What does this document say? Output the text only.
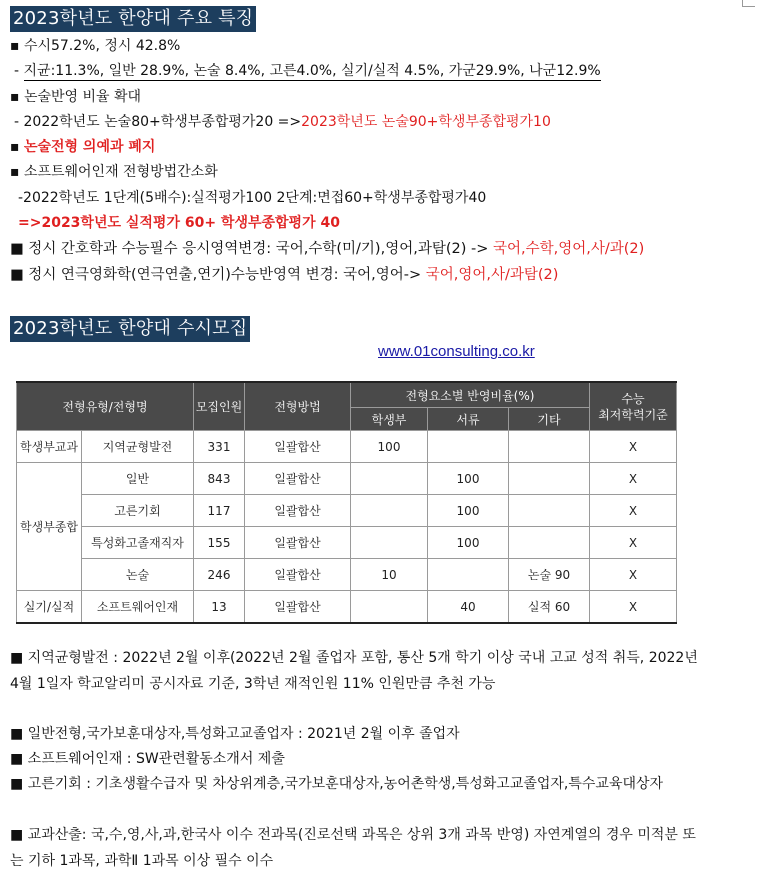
2023학년도 한양대 주요 특징
▪ 수시57.2%, 정시 42.8%
- 지균:11.3%, 일반 28.9%, 논술 8.4%, 고른4.0%, 실기/실적 4.5%, 가군29.9%, 나군12.9%
▪ 논술반영 비율 확대
- 2022학년도 논술80+학생부종합평가20 =>2023학년도 논술90+학생부종합평가10
▪ 논술전형 의예과 폐지
▪ 소프트웨어인재 전형방법간소화
-2022학년도 1단계(5배수):실적평가100 2단계:면접60+학생부종합평가40
=>2023학년도 실적평가 60+ 학생부종합평가 40
■ 정시 간호학과 수능필수 응시영역변경: 국어,수학(미/기),영어,과탐(2) -> 국어,수학,영어,사/과(2)
■ 정시 연극영화학(연극연출,연기)수능반영역 변경: 국어,영어-> 국어,영어,사/과탐(2)
2023학년도 한양대 수시모집
www.01consulting.co.kr
전형유형/전형명		모집인원	전형방법	전형요소별 반영비율(%)			수능
최저학력기준
				학생부	서류	기타	
학생부교과	지역균형발전	331	일괄합산	100			X
학생부종합	일반	843	일괄합산		100		X
	고른기회	117	일괄합산		100		X
	특성화고졸재직자	155	일괄합산		100		X
	논술	246	일괄합산	10		논술 90	X
실기/실적	소프트웨어인재	13	일괄합산		40	실적 60	X
■ 지역균형발전 : 2022년 2월 이후(2022년 2월 졸업자 포함, 통산 5개 학기 이상 국내 고교 성적 취득, 2022년 4월 1일자 학교알리미 공시자료 기준, 3학년 재적인원 11% 인원만큼 추천 가능
■ 일반전형,국가보훈대상자,특성화고교졸업자 : 2021년 2월 이후 졸업자
■ 소프트웨어인재 : SW관련활동소개서 제출
■ 고른기회 : 기초생활수급자 및 차상위계층,국가보훈대상자,농어촌학생,특성화고교졸업자,특수교육대상자
■ 교과산출: 국,수,영,사,과,한국사 이수 전과목(진로선택 과목은 상위 3개 과목 반영) 자연계열의 경우 미적분 또는 기하 1과목, 과학Ⅱ 1과목 이상 필수 이수
